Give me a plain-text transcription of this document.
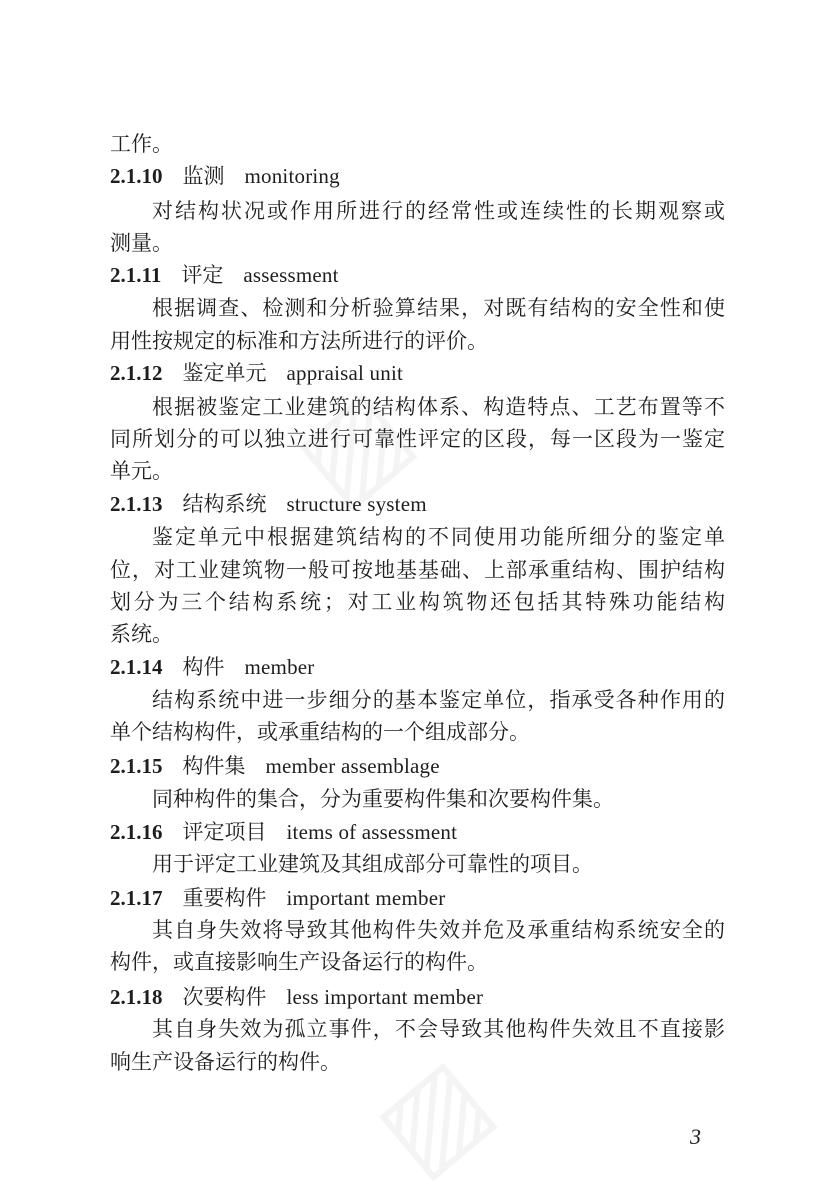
工作。
2.1.10 监测 monitoring
对结构状况或作用所进行的经常性或连续性的长期观察或
测量。
2.1.11 评定 assessment
根据调查、检测和分析验算结果，对既有结构的安全性和使
用性按规定的标准和方法所进行的评价。
2.1.12 鉴定单元 appraisal unit
根据被鉴定工业建筑的结构体系、构造特点、工艺布置等不
同所划分的可以独立进行可靠性评定的区段，每一区段为一鉴定
单元。
2.1.13 结构系统 structure system
鉴定单元中根据建筑结构的不同使用功能所细分的鉴定单
位，对工业建筑物一般可按地基基础、上部承重结构、围护结构
划分为三个结构系统；对工业构筑物还包括其特殊功能结构
系统。
2.1.14 构件 member
结构系统中进一步细分的基本鉴定单位，指承受各种作用的
单个结构构件，或承重结构的一个组成部分。
2.1.15 构件集 member assemblage
同种构件的集合，分为重要构件集和次要构件集。
2.1.16 评定项目 items of assessment
用于评定工业建筑及其组成部分可靠性的项目。
2.1.17 重要构件 important member
其自身失效将导致其他构件失效并危及承重结构系统安全的
构件，或直接影响生产设备运行的构件。
2.1.18 次要构件 less important member
其自身失效为孤立事件，不会导致其他构件失效且不直接影
响生产设备运行的构件。
3
